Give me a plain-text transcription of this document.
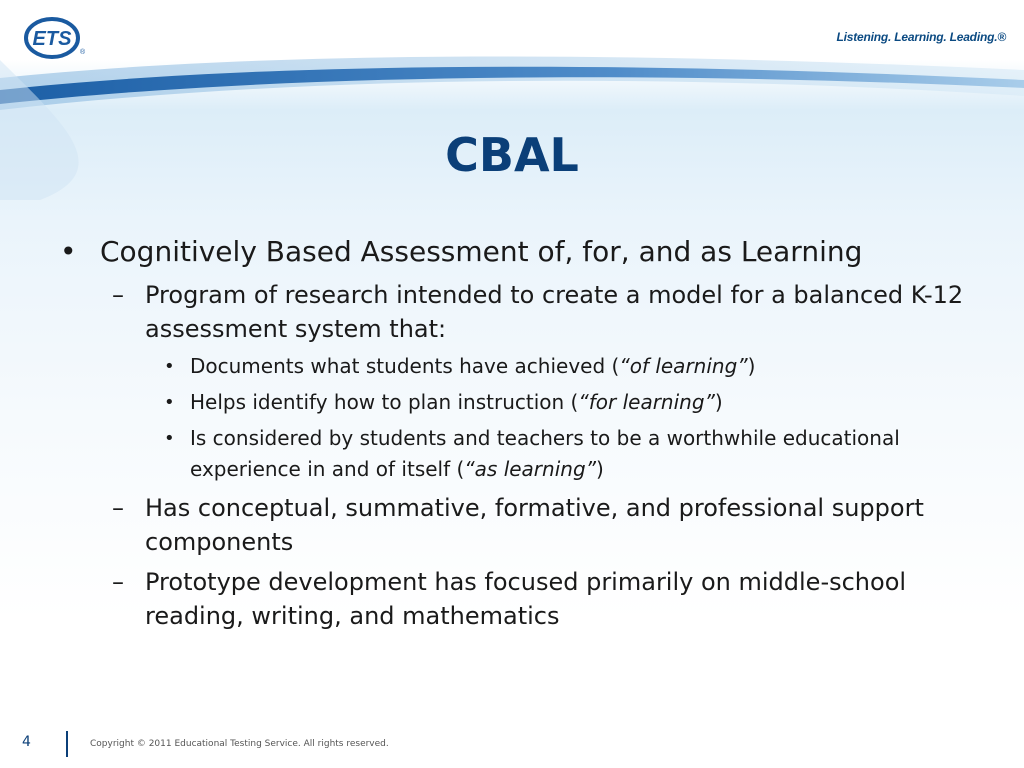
ETS
®
Listening. Learning. Leading.®
CBAL
• Cognitively Based Assessment of, for, and as Learning
– Program of research intended to create a model for a balanced K-12 assessment system that:
• Documents what students have achieved (“of learning”)
• Helps identify how to plan instruction (“for learning”)
• Is considered by students and teachers to be a worthwhile educational experience in and of itself (“as learning”)
– Has conceptual, summative, formative, and professional support components
– Prototype development has focused primarily on middle-school reading, writing, and mathematics
4	Copyright © 2011 Educational Testing Service. All rights reserved.
